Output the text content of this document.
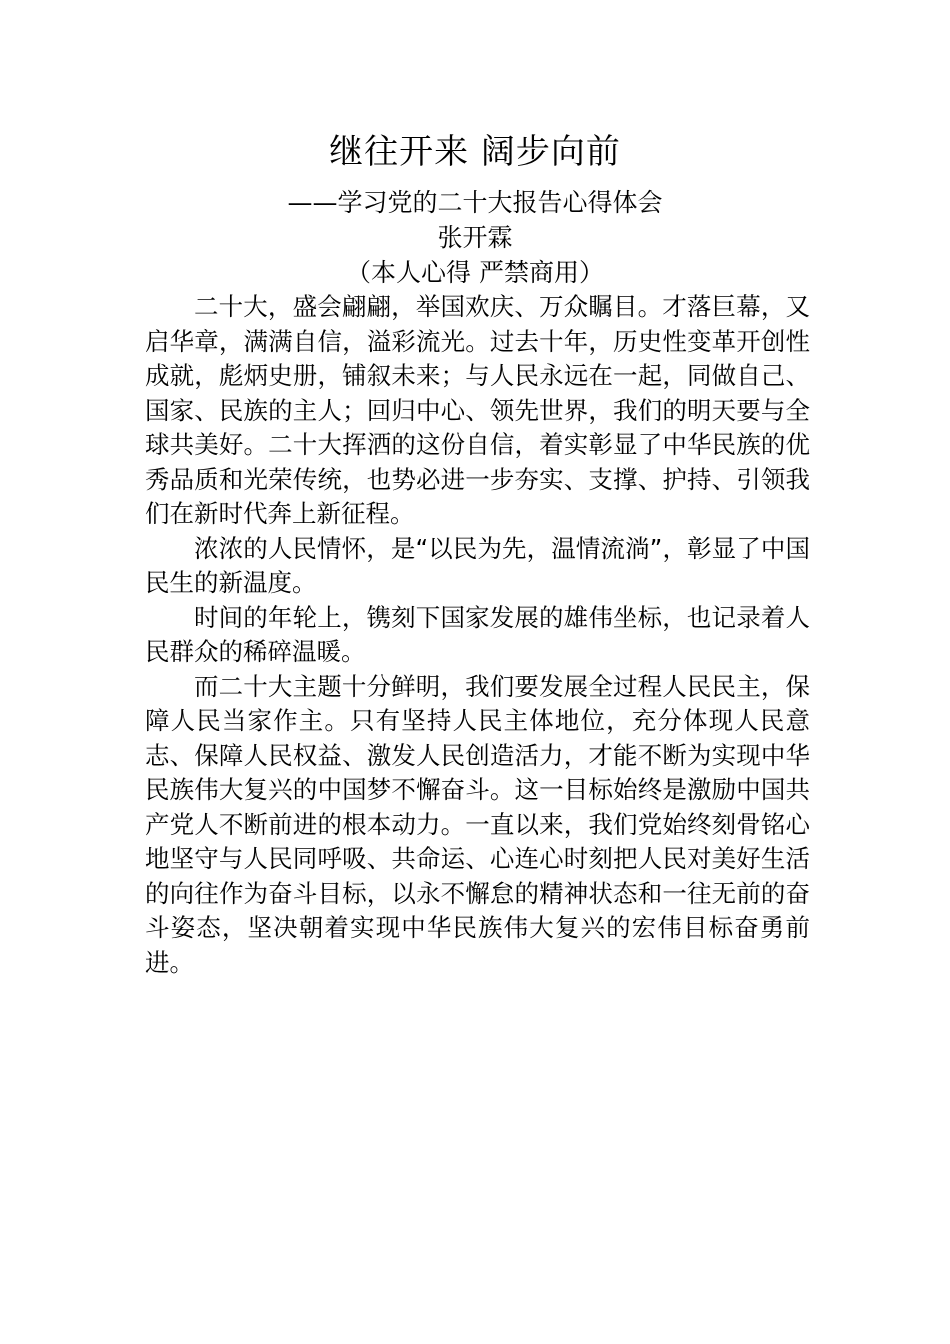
继往开来 阔步向前
——学习党的二十大报告心得体会
张开霖
（本人心得 严禁商用）

二十大，盛会翩翩，举国欢庆、万众瞩目。才落巨幕，又启华章，满满自信，溢彩流光。过去十年，历史性变革开创性成就，彪炳史册，铺叙未来；与人民永远在一起，同做自己、国家、民族的主人；回归中心、领先世界，我们的明天要与全球共美好。二十大挥洒的这份自信，着实彰显了中华民族的优秀品质和光荣传统，也势必进一步夯实、支撑、护持、引领我们在新时代奔上新征程。

浓浓的人民情怀，是“以民为先，温情流淌”，彰显了中国民生的新温度。

时间的年轮上，镌刻下国家发展的雄伟坐标，也记录着人民群众的稀碎温暖。

而二十大主题十分鲜明，我们要发展全过程人民民主，保障人民当家作主。只有坚持人民主体地位，充分体现人民意志、保障人民权益、激发人民创造活力，才能不断为实现中华民族伟大复兴的中国梦不懈奋斗。这一目标始终是激励中国共产党人不断前进的根本动力。一直以来，我们党始终刻骨铭心地坚守与人民同呼吸、共命运、心连心时刻把人民对美好生活的向往作为奋斗目标，以永不懈怠的精神状态和一往无前的奋斗姿态，坚决朝着实现中华民族伟大复兴的宏伟目标奋勇前进。
